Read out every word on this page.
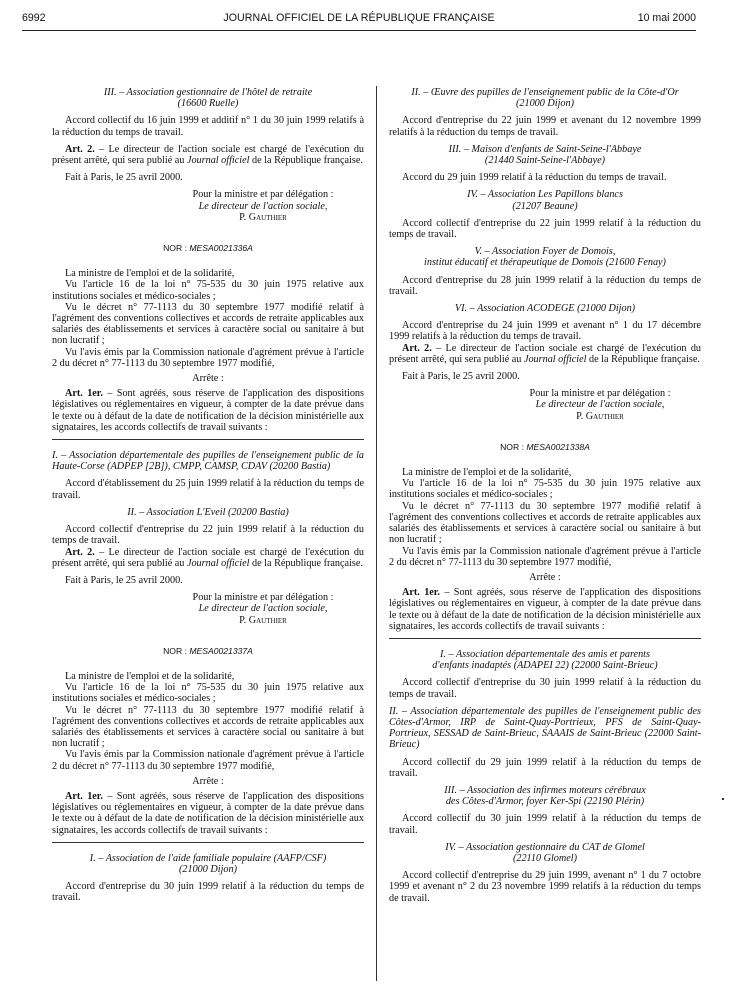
6992	JOURNAL OFFICIEL DE LA RÉPUBLIQUE FRANÇAISE	10 mai 2000
III. – Association gestionnaire de l'hôtel de retraite
(16600 Ruelle)

Accord collectif du 16 juin 1999 et additif n° 1 du 30 juin 1999 relatifs à la réduction du temps de travail.

Art. 2. – Le directeur de l'action sociale est chargé de l'exécution du présent arrêté, qui sera publié au Journal officiel de la République française.

Fait à Paris, le 25 avril 2000.

Pour la ministre et par délégation :
Le directeur de l'action sociale,
P. Gauthier
NOR : MESA0021336A

La ministre de l'emploi et de la solidarité,

Vu l'article 16 de la loi n° 75-535 du 30 juin 1975 relative aux institutions sociales et médico-sociales ;

Vu le décret n° 77-1113 du 30 septembre 1977 modifié relatif à l'agrément des conventions collectives et accords de retraite applicables aux salariés des établissements et services à caractère social ou sanitaire à but non lucratif ;

Vu l'avis émis par la Commission nationale d'agrément prévue à l'article 2 du décret n° 77-1113 du 30 septembre 1977 modifié,

Arrête :

Art. 1er. – Sont agréés, sous réserve de l'application des dispositions législatives ou réglementaires en vigueur, à compter de la date prévue dans le texte ou à défaut de la date de notification de la décision ministérielle aux signataires, les accords collectifs de travail suivants :

I. – Association départementale des pupilles de l'enseignement public de la Haute-Corse (ADPEP [2B]), CMPP, CAMSP, CDAV (20200 Bastia)

Accord d'établissement du 25 juin 1999 relatif à la réduction du temps de travail.

II. – Association L'Eveil (20200 Bastia)

Accord collectif d'entreprise du 22 juin 1999 relatif à la réduction du temps de travail.

Art. 2. – Le directeur de l'action sociale est chargé de l'exécution du présent arrêté, qui sera publié au Journal officiel de la République française.

Fait à Paris, le 25 avril 2000.

Pour la ministre et par délégation :
Le directeur de l'action sociale,
P. Gauthier
NOR : MESA0021337A

La ministre de l'emploi et de la solidarité,

Vu l'article 16 de la loi n° 75-535 du 30 juin 1975 relative aux institutions sociales et médico-sociales ;

Vu le décret n° 77-1113 du 30 septembre 1977 modifié relatif à l'agrément des conventions collectives et accords de retraite applicables aux salariés des établissements et services à caractère social ou sanitaire à but non lucratif ;

Vu l'avis émis par la Commission nationale d'agrément prévue à l'article 2 du décret n° 77-1113 du 30 septembre 1977 modifié,

Arrête :

Art. 1er. – Sont agréés, sous réserve de l'application des dispositions législatives ou réglementaires en vigueur, à compter de la date prévue dans le texte ou à défaut de la date de notification de la décision ministérielle aux signataires, les accords collectifs de travail suivants :

I. – Association de l'aide familiale populaire (AAFP/CSF)
(21000 Dijon)

Accord d'entreprise du 30 juin 1999 relatif à la réduction du temps de travail.

II. – Œuvre des pupilles de l'enseignement public de la Côte-d'Or
(21000 Dijon)

Accord d'entreprise du 22 juin 1999 et avenant du 12 novembre 1999 relatifs à la réduction du temps de travail.

III. – Maison d'enfants de Saint-Seine-l'Abbaye
(21440 Saint-Seine-l'Abbaye)

Accord du 29 juin 1999 relatif à la réduction du temps de travail.

IV. – Association Les Papillons blancs
(21207 Beaune)

Accord collectif d'entreprise du 22 juin 1999 relatif à la réduction du temps de travail.

V. – Association Foyer de Domois,
institut éducatif et thérapeutique de Domois (21600 Fenay)

Accord d'entreprise du 28 juin 1999 relatif à la réduction du temps de travail.

VI. – Association ACODEGE (21000 Dijon)

Accord d'entreprise du 24 juin 1999 et avenant n° 1 du 17 décembre 1999 relatifs à la réduction du temps de travail.

Art. 2. – Le directeur de l'action sociale est chargé de l'exécution du présent arrêté, qui sera publié au Journal officiel de la République française.

Fait à Paris, le 25 avril 2000.

Pour la ministre et par délégation :
Le directeur de l'action sociale,
P. Gauthier
NOR : MESA0021338A

La ministre de l'emploi et de la solidarité,

Vu l'article 16 de la loi n° 75-535 du 30 juin 1975 relative aux institutions sociales et médico-sociales ;

Vu le décret n° 77-1113 du 30 septembre 1977 modifié relatif à l'agrément des conventions collectives et accords de retraite applicables aux salariés des établissements et services à caractère social ou sanitaire à but non lucratif ;

Vu l'avis émis par la Commission nationale d'agrément prévue à l'article 2 du décret n° 77-1113 du 30 septembre 1977 modifié,

Arrête :

Art. 1er. – Sont agréés, sous réserve de l'application des dispositions législatives ou réglementaires en vigueur, à compter de la date prévue dans le texte ou à défaut de la date de notification de la décision ministérielle aux signataires, les accords collectifs de travail suivants :

I. – Association départementale des amis et parents
d'enfants inadaptés (ADAPEI 22) (22000 Saint-Brieuc)

Accord collectif d'entreprise du 30 juin 1999 relatif à la réduction du temps de travail.

II. – Association départementale des pupilles de l'enseignement public des Côtes-d'Armor, IRP de Saint-Quay-Portrieux, PFS de Saint-Quay-Portrieux, SESSAD de Saint-Brieuc, SAAAIS de Saint-Brieuc (22000 Saint-Brieuc)

Accord collectif du 29 juin 1999 relatif à la réduction du temps de travail.

III. – Association des infirmes moteurs cérébraux
des Côtes-d'Armor, foyer Ker-Spi (22190 Plérin)

Accord collectif du 30 juin 1999 relatif à la réduction du temps de travail.

IV. – Association gestionnaire du CAT de Glomel
(22110 Glomel)

Accord collectif d'entreprise du 29 juin 1999, avenant n° 1 du 7 octobre 1999 et avenant n° 2 du 23 novembre 1999 relatifs à la réduction du temps de travail.
